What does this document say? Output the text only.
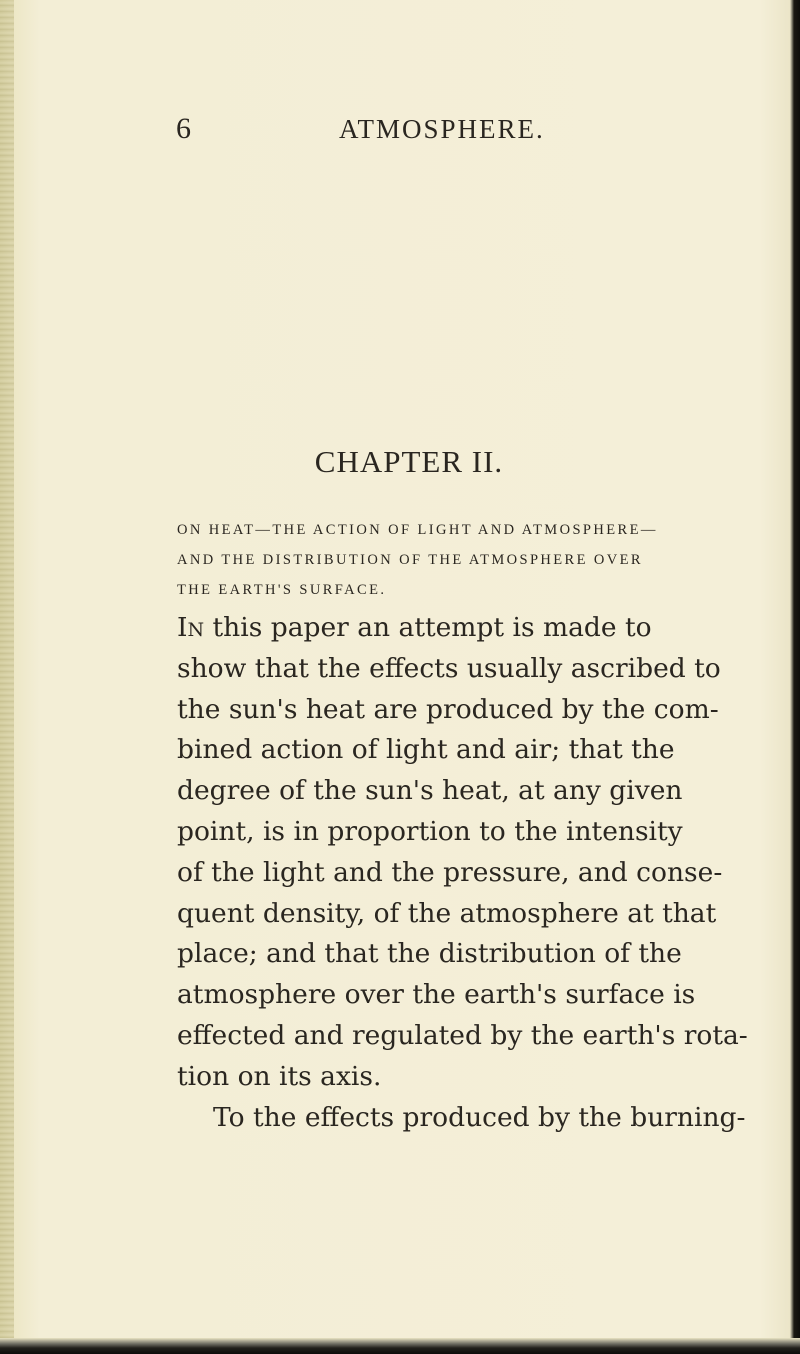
6	ATMOSPHERE.
CHAPTER II.
ON HEAT—THE ACTION OF LIGHT AND ATMOSPHERE—
AND THE DISTRIBUTION OF THE ATMOSPHERE OVER
THE EARTH'S SURFACE.
In this paper an attempt is made to
show that the effects usually ascribed to
the sun's heat are produced by the com-
bined action of light and air; that the
degree of the sun's heat, at any given
point, is in proportion to the intensity
of the light and the pressure, and conse-
quent density, of the atmosphere at that
place; and that the distribution of the
atmosphere over the earth's surface is
effected and regulated by the earth's rota-
tion on its axis.
To the effects produced by the burning-
